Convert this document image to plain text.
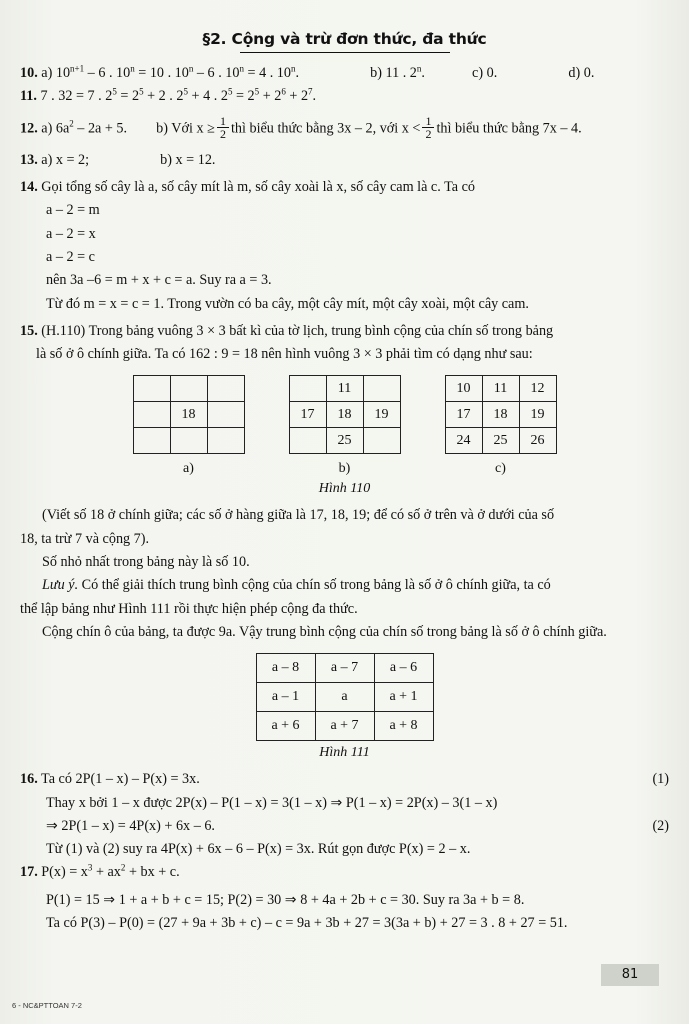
§2. Cộng và trừ đơn thức, đa thức
10. a) $10^{n+1} - 6$ . $10^n = 10$ . 10$^n$ – 6 . $10^n = 4$ . 10$^n$.	b) 11 . 2$^n$.	c) 0.	d) 0.
11. 7 . 32 = 7 . $2^5 = 2^5 + 2$ . $2^5 + 4$ . $2^5 = 2^5 + 2^6 + 2^7$.
12. a) $6a^2 - 2a + 5$. b) Với $x \ge \frac{1}{2}$ thì biểu thức bằng 3x – 2, với $x < \frac{1}{2}$ thì biểu thức bằng 7x – 4.
13. a) x = 2;	b) x = 12.
14. Gọi tổng số cây là a, số cây mít là m, số cây xoài là x, số cây cam là c. Ta có
a – 2 = m
a – 2 = x
a – 2 = c
nên 3a –6 = m + x + c = a. Suy ra a = 3.
Từ đó m = x = c = 1. Trong vườn có ba cây, một cây mít, một cây xoài, một cây cam.
15. (H.110) Trong bảng vuông 3 × 3 bất kì của tờ lịch, trung bình cộng của chín số trong bảng
là số ở ô chính giữa. Ta có 162 : 9 = 18 nên hình vuông 3 × 3 phải tìm có dạng như sau:

	18	

a)
	11	
17	18	19
	25	
b)
10	11	12
17	18	19
24	25	26
c)
Hình 110
(Viết số 18 ở chính giữa; các số ở hàng giữa là 17, 18, 19; để có số ở trên và ở dưới của số
18, ta trừ 7 và cộng 7).
Số nhỏ nhất trong bảng này là số 10.
Lưu ý. Có thể giải thích trung bình cộng của chín số trong bảng là số ở ô chính giữa, ta có
thể lập bảng như Hình 111 rồi thực hiện phép cộng đa thức.
Cộng chín ô của bảng, ta được 9a. Vậy trung bình cộng của chín số trong bảng là số ở ô chính giữa.
a – 8	a – 7	a – 6
a – 1	a	a + 1
a + 6	a + 7	a + 8
Hình 111
(1)
16. Ta có 2P(1 – x) – P(x) = 3x.
Thay x bởi 1 – x được 2P(x) – P(1 – x) = 3(1 – x) ⇒ P(1 – x) = 2P(x) – 3(1 – x)
(2)
⇒ 2P(1 – x) = 4P(x) + 6x – 6.
Từ (1) và (2) suy ra 4P(x) + 6x – 6 – P(x) = 3x. Rút gọn được P(x) = 2 – x.
17. $P(x) = x^3 + ax^2$ + bx + c.
P(1) = 15 ⇒ 1 + a + b + c = 15; P(2) = 30 ⇒ 8 + 4a + 2b + c = 30. Suy ra 3a + b = 8.
Ta có P(3) – P(0) = (27 + 9a + 3b + c) – c = 9a + 3b + 27 = 3(3a + b) + 27 = 3 . 8 + 27 = 51.
81
6 - NC&PTTOAN 7-2
